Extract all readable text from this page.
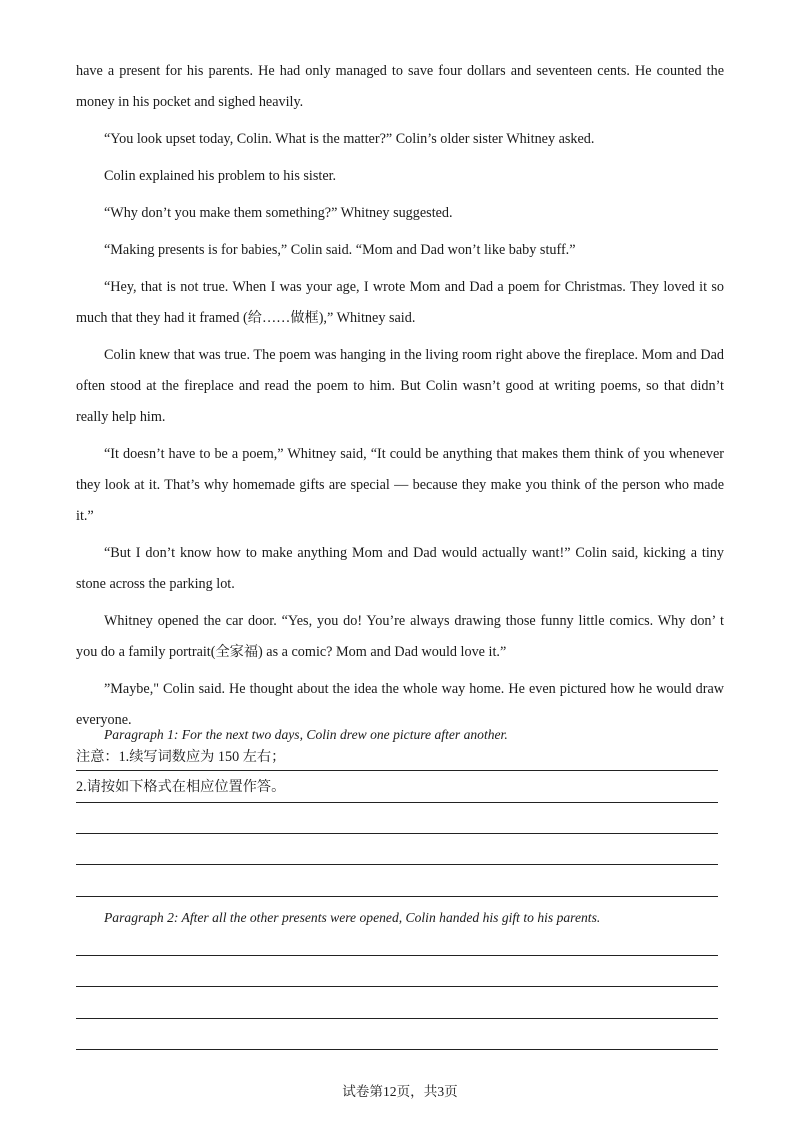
have a present for his parents. He had only managed to save four dollars and seventeen cents. He counted the money in his pocket and sighed heavily.

“You look upset today, Colin. What is the matter?” Colin’s older sister Whitney asked.

Colin explained his problem to his sister.

“Why don’t you make them something?” Whitney suggested.

“Making presents is for babies,” Colin said. “Mom and Dad won’t like baby stuff.”

“Hey, that is not true. When I was your age, I wrote Mom and Dad a poem for Christmas. They loved it so much that they had it framed (给……做框),” Whitney said.

Colin knew that was true. The poem was hanging in the living room right above the fireplace. Mom and Dad often stood at the fireplace and read the poem to him. But Colin wasn’t good at writing poems, so that didn’t really help him.

“It doesn’t have to be a poem,” Whitney said, “It could be anything that makes them think of you whenever they look at it. That’s why homemade gifts are special — because they make you think of the person who made it.”

“But I don’t know how to make anything Mom and Dad would actually want!” Colin said, kicking a tiny stone across the parking lot.

Whitney opened the car door. “Yes, you do! You’re always drawing those funny little comics. Why don’ t you do a family portrait(全家福) as a comic? Mom and Dad would love it.”

”Maybe," Colin said. He thought about the idea the whole way home. He even pictured how he would draw everyone.

注意：1.续写词数应为 150 左右；

2.请按如下格式在相应位置作答。

Paragraph 1: For the next two days, Colin drew one picture after another.
Paragraph 2: After all the other presents were opened, Colin handed his gift to his parents.
试卷第12页，共3页
